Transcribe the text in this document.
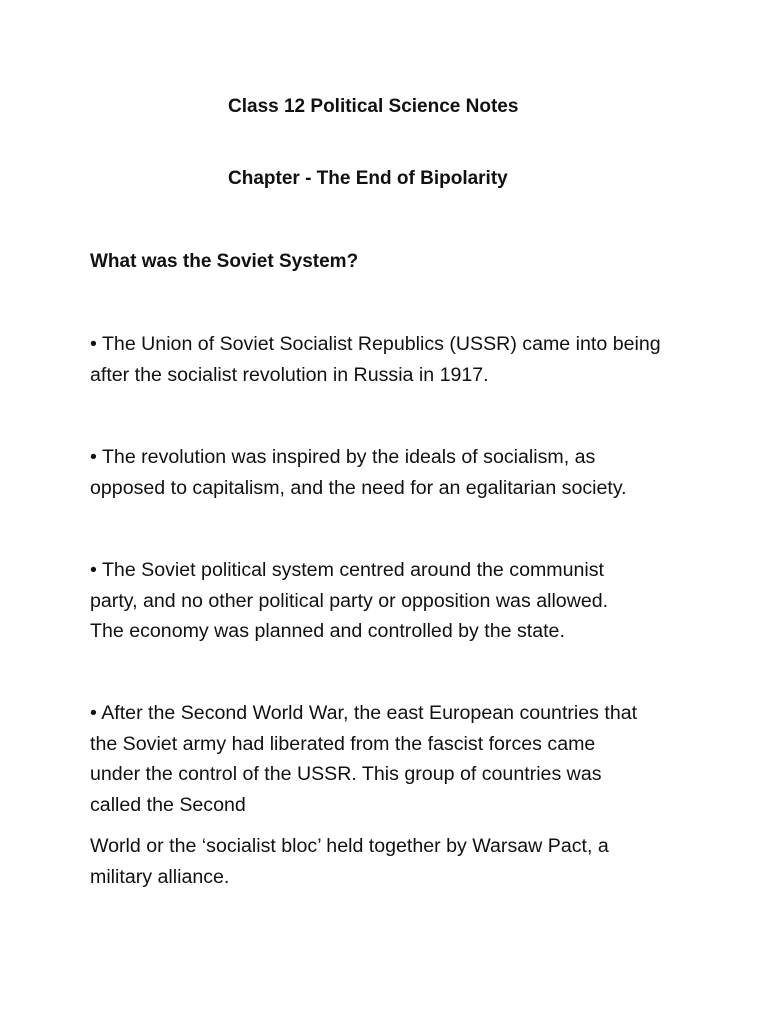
Class 12 Political Science Notes
Chapter - The End of Bipolarity
What was the Soviet System?

• The Union of Soviet Socialist Republics (USSR) came into being
after the socialist revolution in Russia in 1917.

• The revolution was inspired by the ideals of socialism, as
opposed to capitalism, and the need for an egalitarian society.

• The Soviet political system centred around the communist
party, and no other political party or opposition was allowed.
The economy was planned and controlled by the state.

• After the Second World War, the east European countries that
the Soviet army had liberated from the fascist forces came
under the control of the USSR. This group of countries was
called the Second

World or the ‘socialist bloc’ held together by Warsaw Pact, a
military alliance.
